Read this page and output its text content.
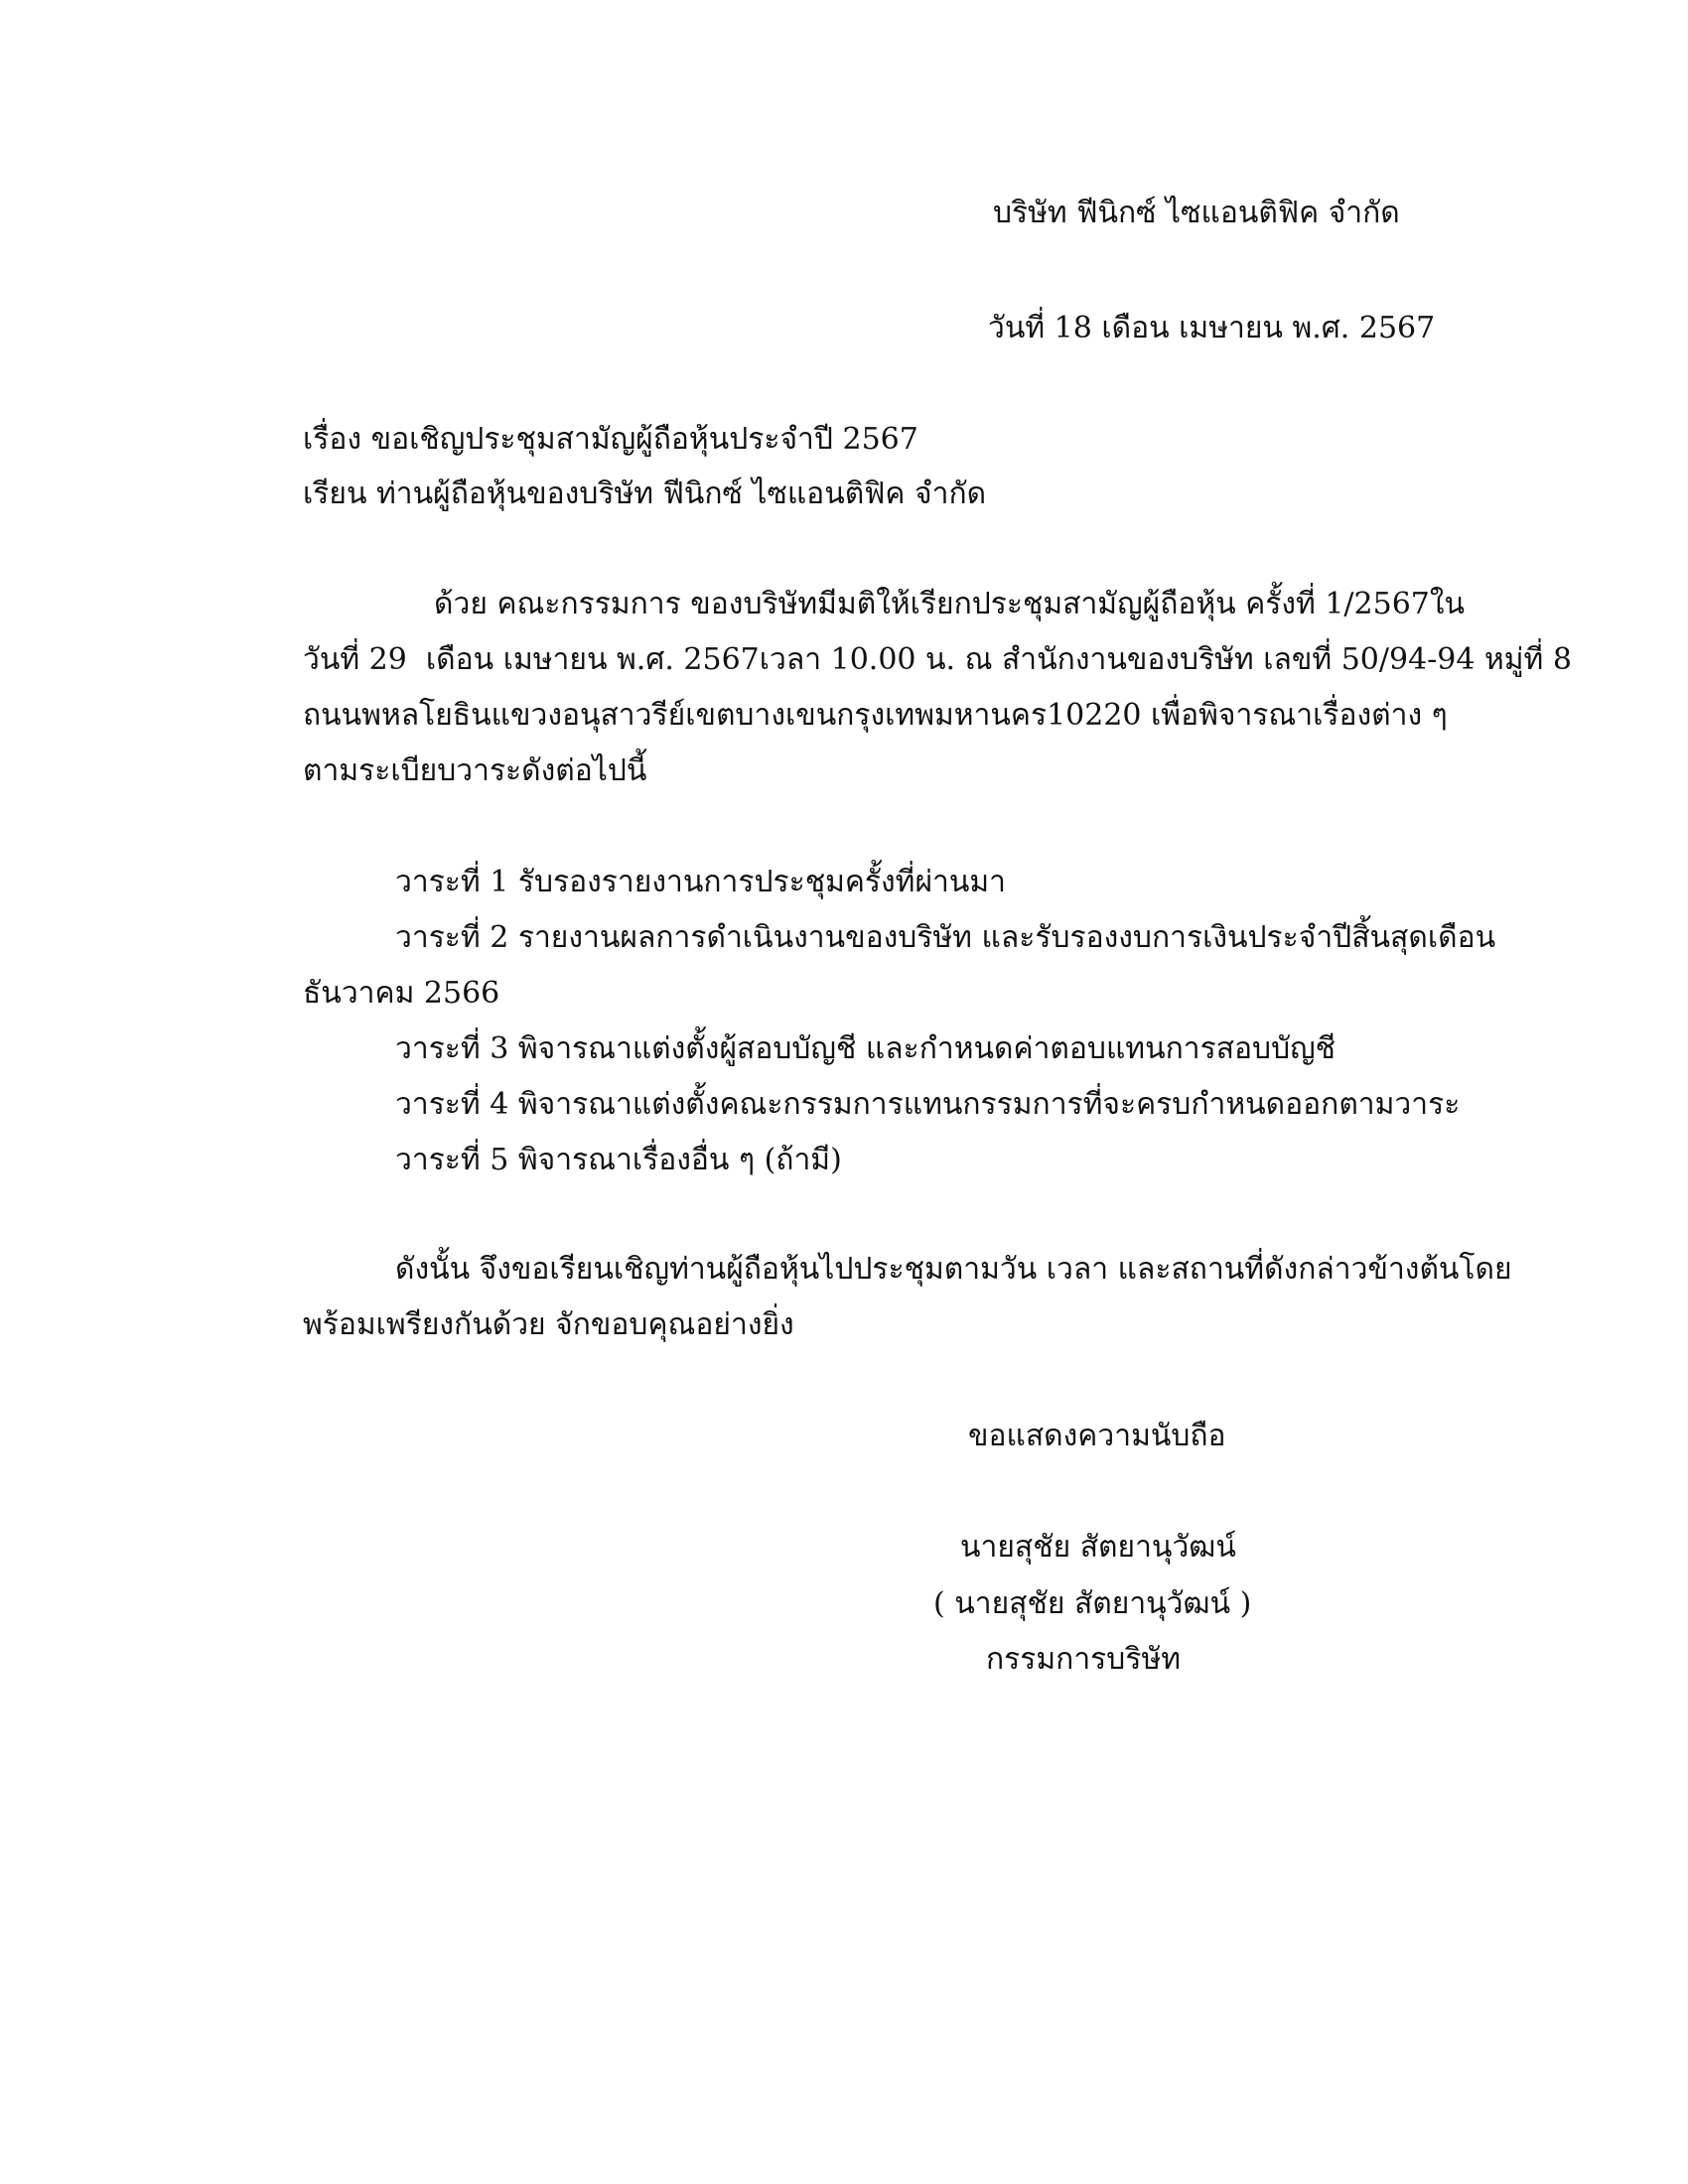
บริษัท ฟีนิกซ์ ไซแอนติฟิค จำกัด

วันที่ 18 เดือน เมษายน พ.ศ. 2567

เรื่อง ขอเชิญประชุมสามัญผู้ถือหุ้นประจำปี 2567

เรียน ท่านผู้ถือหุ้นของบริษัท ฟีนิกซ์ ไซแอนติฟิค จำกัด

ด้วย คณะกรรมการ ของบริษัทมีมติให้เรียกประชุมสามัญผู้ถือหุ้น ครั้งที่ 1/2567 ใน
วันที่ 29  เดือน เมษายน พ.ศ. 2567 เวลา 10.00 น. ณ สำนักงานของบริษัท เลขที่ 50/94-94 หมู่ที่ 8
ถนนพหลโยธิน แขวงอนุสาวรีย์ เขตบางเขน กรุงเทพมหานคร 10220 เพื่อพิจารณาเรื่องต่าง ๆ

ตามระเบียบวาระดังต่อไปนี้

วาระที่ 1 รับรองรายงานการประชุมครั้งที่ผ่านมา

วาระที่ 2 รายงานผลการดำเนินงานของบริษัท และรับรองงบการเงินประจำปีสิ้นสุดเดือน

ธันวาคม 2566

วาระที่ 3 พิจารณาแต่งตั้งผู้สอบบัญชี และกำหนดค่าตอบแทนการสอบบัญชี

วาระที่ 4 พิจารณาแต่งตั้งคณะกรรมการแทนกรรมการที่จะครบกำหนดออกตามวาระ

วาระที่ 5 พิจารณาเรื่องอื่น ๆ (ถ้ามี)

ดังนั้น จึงขอเรียนเชิญท่านผู้ถือหุ้นไปประชุมตามวัน เวลา และสถานที่ดังกล่าวข้างต้นโดย

พร้อมเพรียงกันด้วย จักขอบคุณอย่างยิ่ง

ขอแสดงความนับถือ

นายสุชัย สัตยานุวัฒน์

( นายสุชัย สัตยานุวัฒน์ )

กรรมการบริษัท
